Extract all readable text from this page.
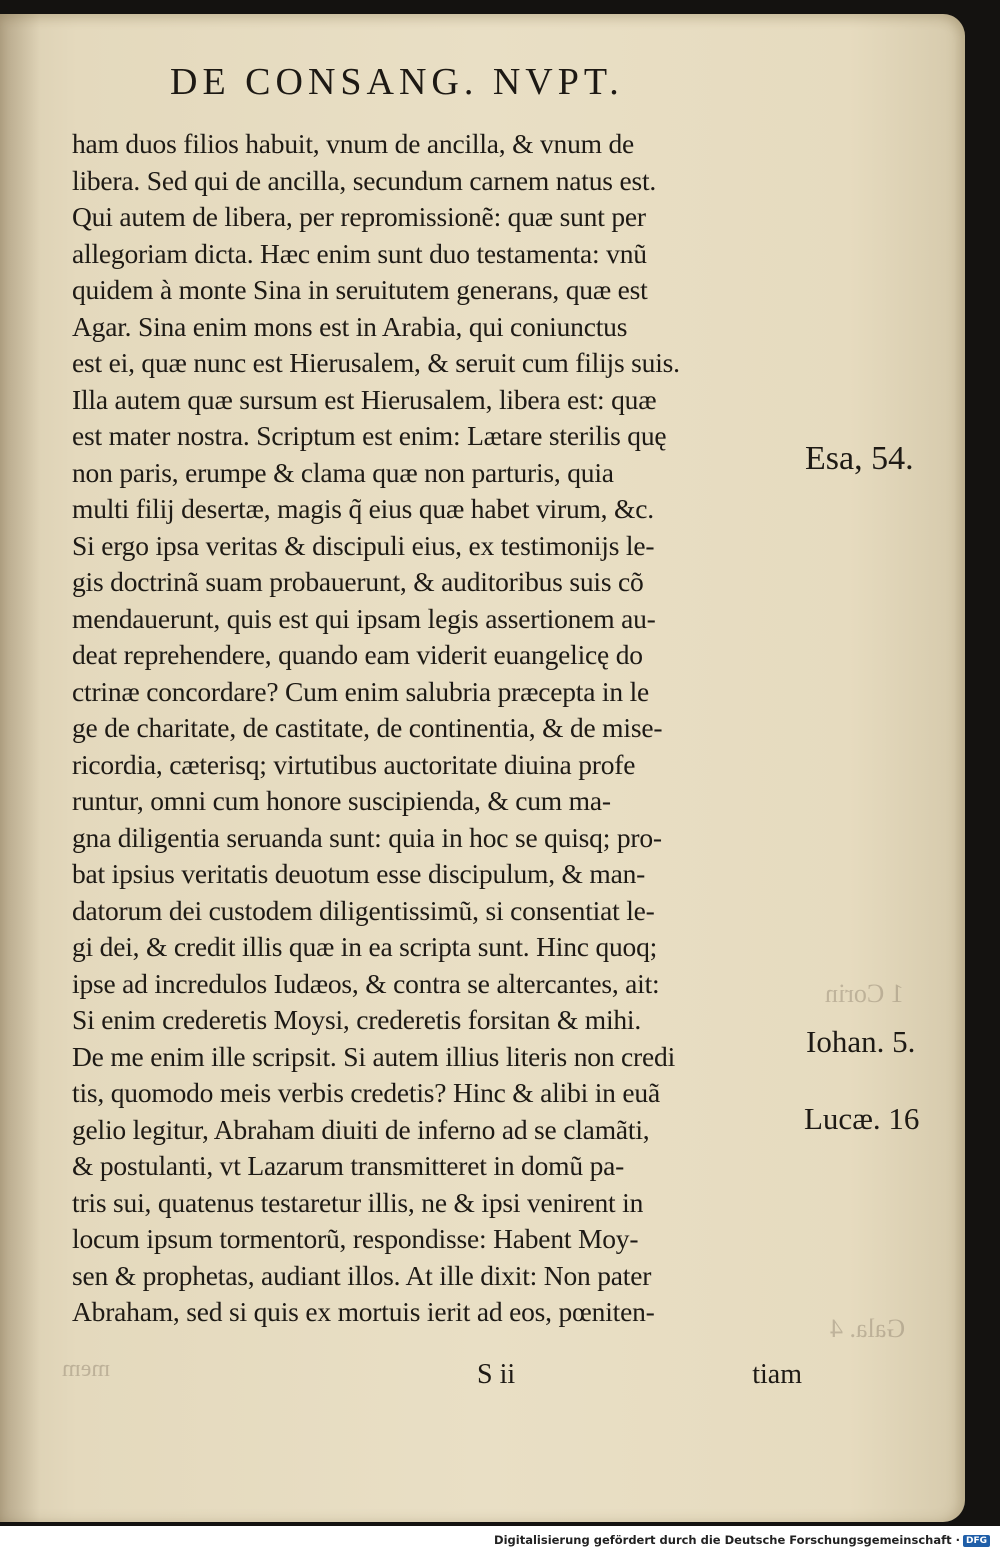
DE CONSANG. NVPT.
ham duos filios habuit, vnum de ancilla, & vnum de
libera. Sed qui de ancilla, secundum carnem natus est.
Qui autem de libera, per repromissionẽ: quæ sunt per
allegoriam dicta. Hæc enim sunt duo testamenta: vnũ
quidem à monte Sina in seruitutem generans, quæ est
Agar. Sina enim mons est in Arabia, qui coniunctus
est ei, quæ nunc est Hierusalem, & seruit cum filijs suis.
Illa autem quæ sursum est Hierusalem, libera est: quæ
est mater nostra. Scriptum est enim: Lætare sterilis quę
non paris, erumpe & clama quæ non parturis, quia
multi filij desertæ, magis q̃ eius quæ habet virum, &c.
Si ergo ipsa veritas & discipuli eius, ex testimonijs le-
gis doctrinã suam probauerunt, & auditoribus suis cõ
mendauerunt, quis est qui ipsam legis assertionem au-
deat reprehendere, quando eam viderit euangelicę do
ctrinæ concordare? Cum enim salubria præcepta in le
ge de charitate, de castitate, de continentia, & de mise-
ricordia, cæterisq; virtutibus auctoritate diuina profe
runtur, omni cum honore suscipienda, & cum ma-
gna diligentia seruanda sunt: quia in hoc se quisq; pro-
bat ipsius veritatis deuotum esse discipulum, & man-
datorum dei custodem diligentissimũ, si consentiat le-
gi dei, & credit illis quæ in ea scripta sunt. Hinc quoq;
ipse ad incredulos Iudæos, & contra se altercantes, ait:
Si enim crederetis Moysi, crederetis forsitan & mihi.
De me enim ille scripsit. Si autem illius literis non credi
tis, quomodo meis verbis credetis? Hinc & alibi in euã
gelio legitur, Abraham diuiti de inferno ad se clamãti,
& postulanti, vt Lazarum transmitteret in domũ pa-
tris sui, quatenus testaretur illis, ne & ipsi venirent in
locum ipsum tormentorũ, respondisse: Habent Moy-
sen & prophetas, audiant illos. At ille dixit: Non pater
Abraham, sed si quis ex mortuis ierit ad eos, pœniten-
Esa, 54.
Iohan. 5.
Lucæ. 16
1 Corin
Gala. 4
mem	S ii	tiam
Digitalisierung gefördert durch die Deutsche Forschungsgemeinschaft · DFG
